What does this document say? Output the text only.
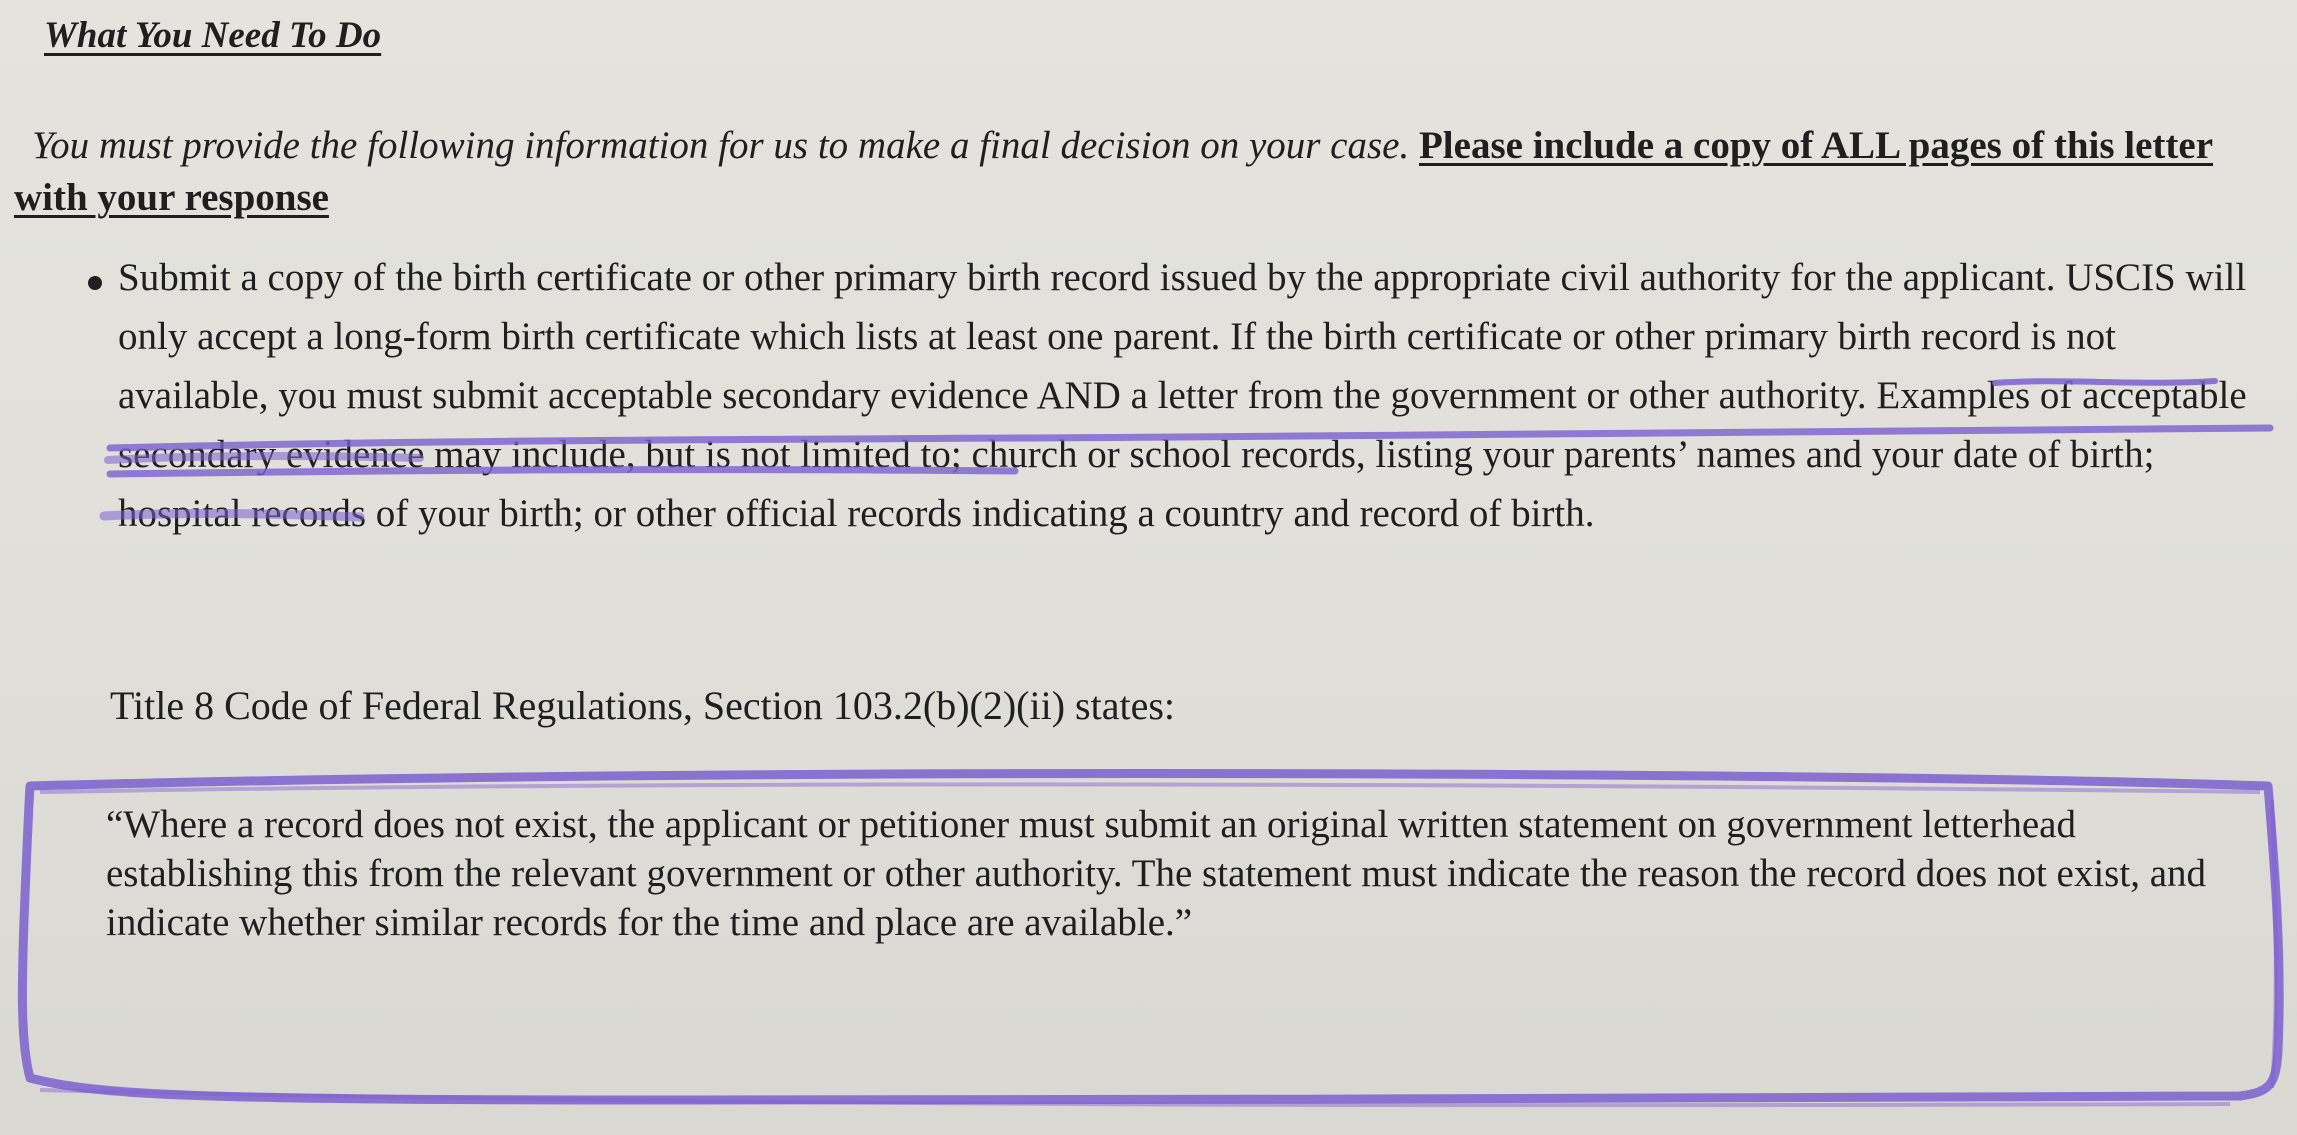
What You Need To Do
You must provide the following information for us to make a final decision on your case. Please include a copy of ALL pages of this letter with your response
Submit a copy of the birth certificate or other primary birth record issued by the appropriate civil authority for the applicant. USCIS will only accept a long-form birth certificate which lists at least one parent. If the birth certificate or other primary birth record is not available, you must submit acceptable secondary evidence AND a letter from the government or other authority. Examples of acceptable secondary evidence may include, but is not limited to; church or school records, listing your parents’ names and your date of birth; hospital records of your birth; or other official records indicating a country and record of birth.
Title 8 Code of Federal Regulations, Section 103.2(b)(2)(ii) states:
“Where a record does not exist, the applicant or petitioner must submit an original written statement on government letterhead establishing this from the relevant government or other authority. The statement must indicate the reason the record does not exist, and indicate whether similar records for the time and place are available.”
